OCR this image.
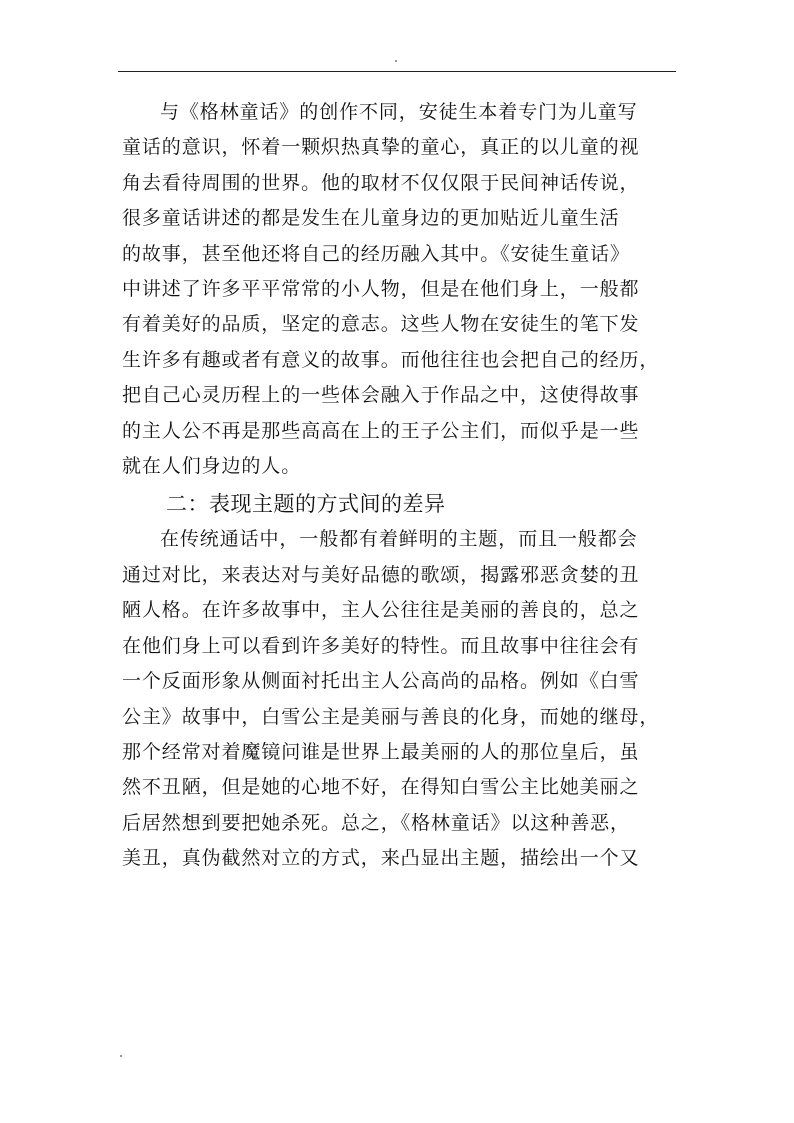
与《格林童话》的创作不同，安徒生本着专门为儿童写
童话的意识，怀着一颗炽热真挚的童心，真正的以儿童的视
角去看待周围的世界。他的取材不仅仅限于民间神话传说，
很多童话讲述的都是发生在儿童身边的更加贴近儿童生活
的故事，甚至他还将自己的经历融入其中。《安徒生童话》
中讲述了许多平平常常的小人物，但是在他们身上，一般都
有着美好的品质，坚定的意志。这些人物在安徒生的笔下发
生许多有趣或者有意义的故事。而他往往也会把自己的经历，
把自己心灵历程上的一些体会融入于作品之中，这使得故事
的主人公不再是那些高高在上的王子公主们，而似乎是一些
就在人们身边的人。

二：表现主题的方式间的差异

在传统通话中，一般都有着鲜明的主题，而且一般都会
通过对比，来表达对与美好品德的歌颂，揭露邪恶贪婪的丑
陋人格。在许多故事中，主人公往往是美丽的善良的，总之
在他们身上可以看到许多美好的特性。而且故事中往往会有
一个反面形象从侧面衬托出主人公高尚的品格。例如《白雪
公主》故事中，白雪公主是美丽与善良的化身，而她的继母，
那个经常对着魔镜问谁是世界上最美丽的人的那位皇后，虽
然不丑陋，但是她的心地不好，在得知白雪公主比她美丽之
后居然想到要把她杀死。总之，《格林童话》以这种善恶，
美丑，真伪截然对立的方式，来凸显出主题，描绘出一个又
